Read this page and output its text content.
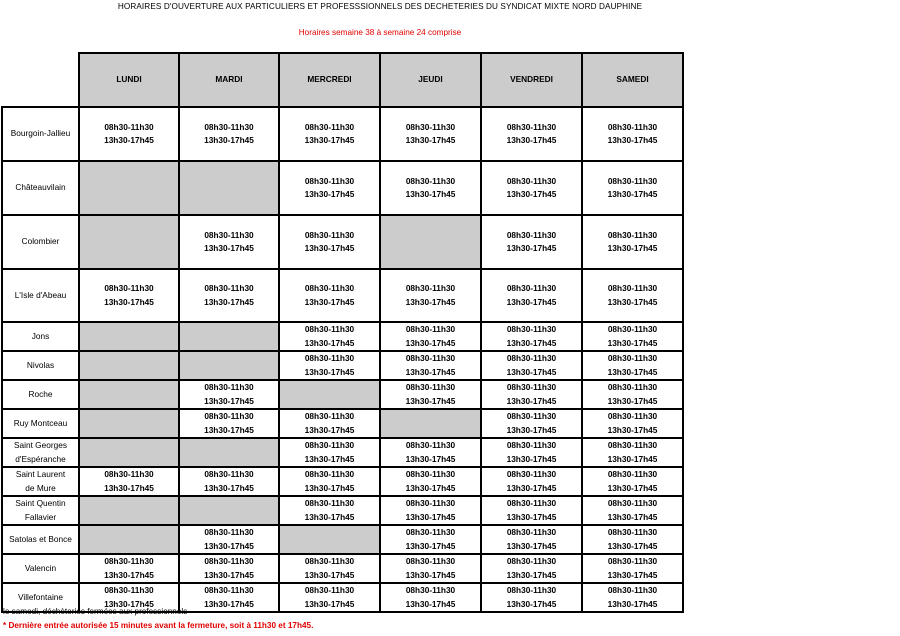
HORAIRES D'OUVERTURE AUX PARTICULIERS ET PROFESSSIONNELS DES DECHETERIES DU SYNDICAT MIXTE NORD DAUPHINE
Horaires semaine 38 à semaine 24 comprise
	LUNDI	MARDI	MERCREDI	JEUDI	VENDREDI	SAMEDI

Bourgoin-Jallieu	08h30-11h30
13h30-17h45	08h30-11h30
13h30-17h45	08h30-11h30
13h30-17h45	08h30-11h30
13h30-17h45	08h30-11h30
13h30-17h45	08h30-11h30
13h30-17h45

Châteauvilain			08h30-11h30
13h30-17h45	08h30-11h30
13h30-17h45	08h30-11h30
13h30-17h45	08h30-11h30
13h30-17h45

Colombier		08h30-11h30
13h30-17h45	08h30-11h30
13h30-17h45		08h30-11h30
13h30-17h45	08h30-11h30
13h30-17h45

L'Isle d'Abeau	08h30-11h30
13h30-17h45	08h30-11h30
13h30-17h45	08h30-11h30
13h30-17h45	08h30-11h30
13h30-17h45	08h30-11h30
13h30-17h45	08h30-11h30
13h30-17h45

Jons			08h30-11h30
13h30-17h45	08h30-11h30
13h30-17h45	08h30-11h30
13h30-17h45	08h30-11h30
13h30-17h45

Nivolas			08h30-11h30
13h30-17h45	08h30-11h30
13h30-17h45	08h30-11h30
13h30-17h45	08h30-11h30
13h30-17h45

Roche		08h30-11h30
13h30-17h45		08h30-11h30
13h30-17h45	08h30-11h30
13h30-17h45	08h30-11h30
13h30-17h45

Ruy Montceau		08h30-11h30
13h30-17h45	08h30-11h30
13h30-17h45		08h30-11h30
13h30-17h45	08h30-11h30
13h30-17h45

Saint Georges
d'Espéranche			08h30-11h30
13h30-17h45	08h30-11h30
13h30-17h45	08h30-11h30
13h30-17h45	08h30-11h30
13h30-17h45

Saint Laurent
de Mure	08h30-11h30
13h30-17h45	08h30-11h30
13h30-17h45	08h30-11h30
13h30-17h45	08h30-11h30
13h30-17h45	08h30-11h30
13h30-17h45	08h30-11h30
13h30-17h45

Saint Quentin
Fallavier			08h30-11h30
13h30-17h45	08h30-11h30
13h30-17h45	08h30-11h30
13h30-17h45	08h30-11h30
13h30-17h45

Satolas et Bonce		08h30-11h30
13h30-17h45		08h30-11h30
13h30-17h45	08h30-11h30
13h30-17h45	08h30-11h30
13h30-17h45

Valencin	08h30-11h30
13h30-17h45	08h30-11h30
13h30-17h45	08h30-11h30
13h30-17h45	08h30-11h30
13h30-17h45	08h30-11h30
13h30-17h45	08h30-11h30
13h30-17h45

Villefontaine	08h30-11h30
13h30-17h45	08h30-11h30
13h30-17h45	08h30-11h30
13h30-17h45	08h30-11h30
13h30-17h45	08h30-11h30
13h30-17h45	08h30-11h30
13h30-17h45
le samedi, déchèteries fermées aux professionnels
* Dernière entrée autorisée 15 minutes avant la fermeture, soit à 11h30 et 17h45.
